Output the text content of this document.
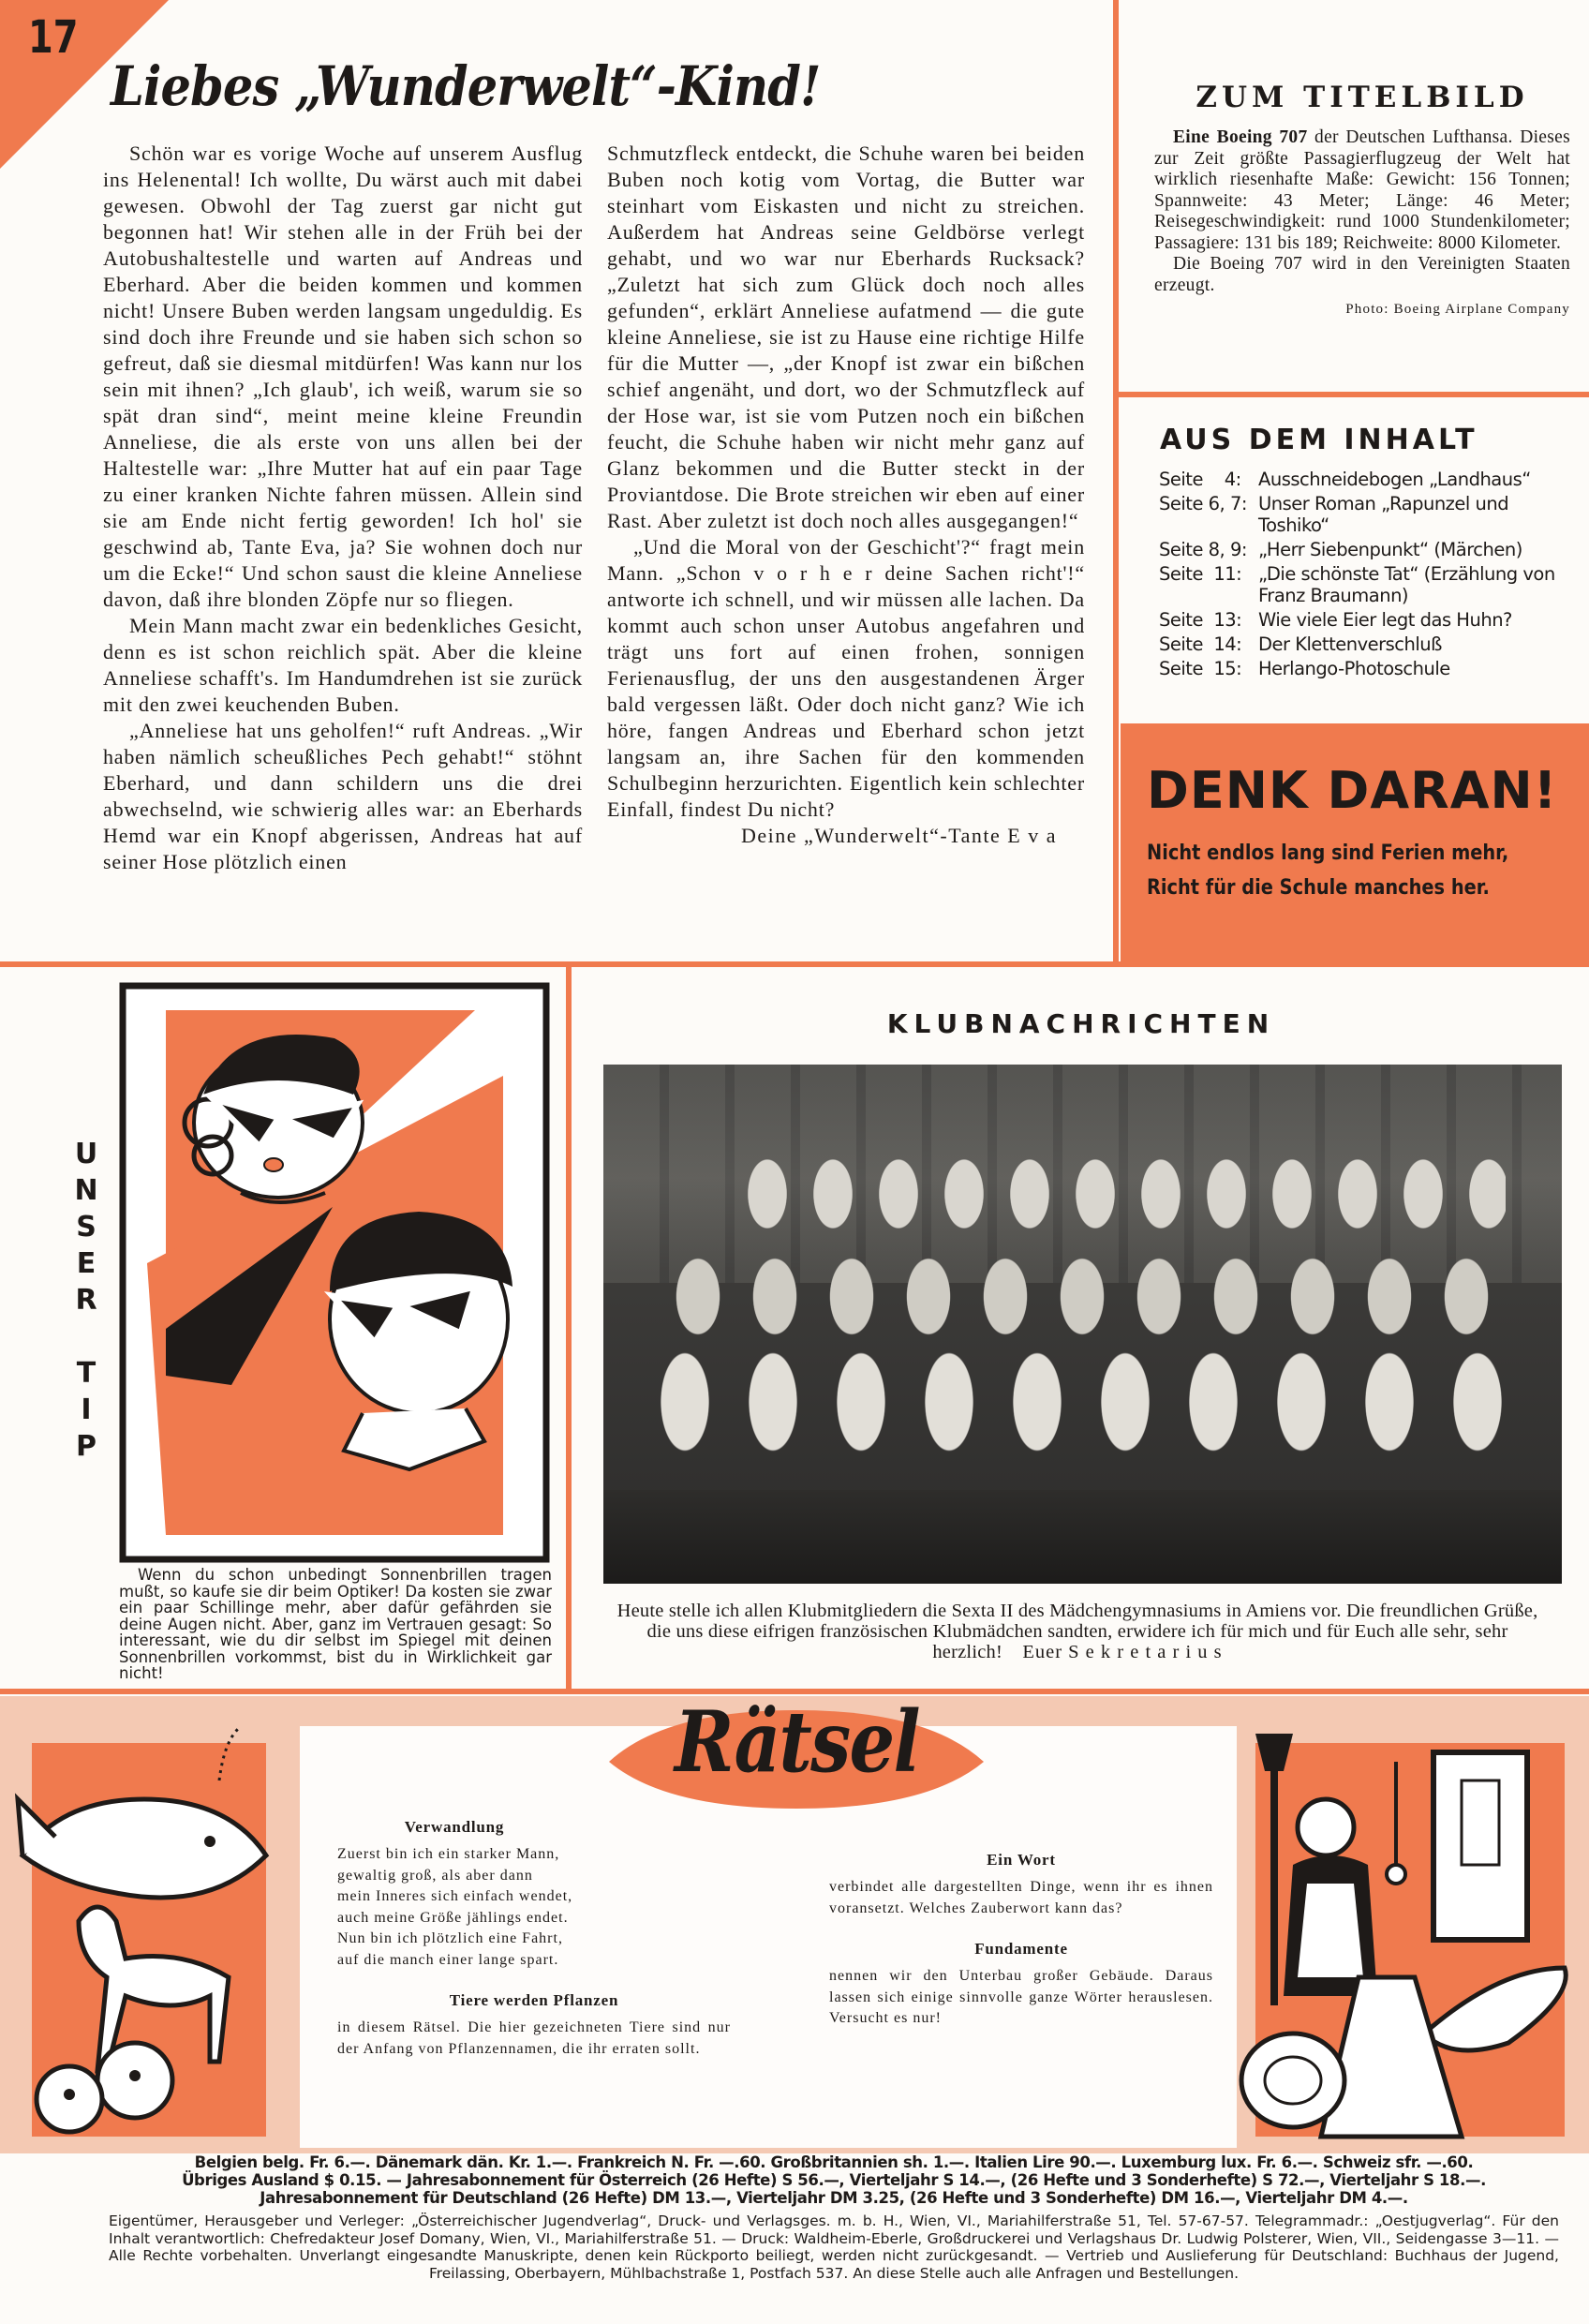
17
Liebes „Wunderwelt“-Kind!

Schön war es vorige Woche auf unserem Ausflug ins Helenental! Ich wollte, Du wärst auch mit dabei gewesen. Obwohl der Tag zuerst gar nicht gut begonnen hat! Wir stehen alle in der Früh bei der Autobushaltestelle und warten auf Andreas und Eberhard. Aber die beiden kommen und kommen nicht! Unsere Buben werden langsam ungeduldig. Es sind doch ihre Freunde und sie haben sich schon so gefreut, daß sie diesmal mitdürfen! Was kann nur los sein mit ihnen? „Ich glaub', ich weiß, warum sie so spät dran sind“, meint meine kleine Freundin Anneliese, die als erste von uns allen bei der Haltestelle war: „Ihre Mutter hat auf ein paar Tage zu einer kranken Nichte fahren müssen. Allein sind sie am Ende nicht fertig geworden! Ich hol' sie geschwind ab, Tante Eva, ja? Sie wohnen doch nur um die Ecke!“ Und schon saust die kleine Anneliese davon, daß ihre blonden Zöpfe nur so fliegen.

Mein Mann macht zwar ein bedenkliches Gesicht, denn es ist schon reichlich spät. Aber die kleine Anneliese schafft's. Im Handumdrehen ist sie zurück mit den zwei keuchenden Buben.

„Anneliese hat uns geholfen!“ ruft Andreas. „Wir haben nämlich scheußliches Pech gehabt!“ stöhnt Eberhard, und dann schildern uns die drei abwechselnd, wie schwierig alles war: an Eberhards Hemd war ein Knopf abgerissen, Andreas hat auf seiner Hose plötzlich einen

Schmutzfleck entdeckt, die Schuhe waren bei beiden Buben noch kotig vom Vortag, die Butter war steinhart vom Eiskasten und nicht zu streichen. Außerdem hat Andreas seine Geldbörse verlegt gehabt, und wo war nur Eberhards Rucksack? „Zuletzt hat sich zum Glück doch noch alles gefunden“, erklärt Anneliese aufatmend — die gute kleine Anneliese, sie ist zu Hause eine richtige Hilfe für die Mutter —, „der Knopf ist zwar ein bißchen schief angenäht, und dort, wo der Schmutzfleck auf der Hose war, ist sie vom Putzen noch ein bißchen feucht, die Schuhe haben wir nicht mehr ganz auf Glanz bekommen und die Butter steckt in der Proviantdose. Die Brote streichen wir eben auf einer Rast. Aber zuletzt ist doch noch alles ausgegangen!“

„Und die Moral von der Geschicht'?“ fragt mein Mann. „Schon v o r h e r deine Sachen richt'!“ antworte ich schnell, und wir müssen alle lachen. Da kommt auch schon unser Autobus angefahren und trägt uns fort auf einen frohen, sonnigen Ferienausflug, der uns den ausgestandenen Ärger bald vergessen läßt. Oder doch nicht ganz? Wie ich höre, fangen Andreas und Eberhard schon jetzt langsam an, ihre Sachen für den kommenden Schulbeginn herzurichten. Eigentlich kein schlechter Einfall, findest Du nicht?

Deine „Wunderwelt“-Tante E v a

ZUM TITELBILD

Eine Boeing 707 der Deutschen Lufthansa. Dieses zur Zeit größte Passagierflugzeug der Welt hat wirklich riesenhafte Maße: Gewicht: 156 Tonnen; Spannweite: 43 Meter; Länge: 46 Meter; Reisegeschwindigkeit: rund 1000 Stundenkilometer; Passagiere: 131 bis 189; Reichweite: 8000 Kilometer.

Die Boeing 707 wird in den Vereinigten Staaten erzeugt.

Photo: Boeing Airplane Company
AUS DEM INHALT
Seite    4: Ausschneidebogen „Landhaus“
Seite 6, 7: Unser Roman „Rapunzel und Toshiko“
Seite 8, 9: „Herr Siebenpunkt“ (Märchen)
Seite  11: „Die schönste Tat“ (Erzählung von Franz Braumann)
Seite  13: Wie viele Eier legt das Huhn?
Seite  14: Der Klettenverschluß
Seite  15: Herlango-Photoschule
DENK DARAN!
Nicht endlos lang sind Ferien mehr,
Richt für die Schule manches her.
U
N
S
E
R
T
I
P

Wenn du schon unbedingt Sonnenbrillen tragen mußt, so kaufe sie dir beim Optiker! Da kosten sie zwar ein paar Schillinge mehr, aber dafür gefährden sie deine Augen nicht. Aber, ganz im Vertrauen gesagt: So interessant, wie du dir selbst im Spiegel mit deinen Sonnenbrillen vorkommst, bist du in Wirklichkeit gar nicht!

KLUBNACHRICHTEN
Heute stelle ich allen Klubmitgliedern die Sexta II des Mädchengymnasiums in Amiens vor. Die freundlichen Grüße, die uns diese eifrigen französischen Klubmädchen sandten, erwidere ich für mich und für Euch alle sehr, sehr herzlich! Euer S e k r e t a r i u s
Rätsel
Verwandlung
Zuerst bin ich ein starker Mann,
gewaltig groß, als aber dann
mein Inneres sich einfach wendet,
auch meine Größe jählings endet.
Nun bin ich plötzlich eine Fahrt,
auf die manch einer lange spart.
Tiere werden Pflanzen
in diesem Rätsel. Die hier gezeichneten Tiere sind nur der Anfang von Pflanzennamen, die ihr erraten sollt.
Ein Wort
verbindet alle dargestellten Dinge, wenn ihr es ihnen voransetzt. Welches Zauberwort kann das?
Fundamente
nennen wir den Unterbau großer Gebäude. Daraus lassen sich einige sinnvolle ganze Wörter herauslesen. Versucht es nur!
Belgien belg. Fr. 6.—. Dänemark dän. Kr. 1.—. Frankreich N. Fr. —.60. Großbritannien sh. 1.—. Italien Lire 90.—. Luxemburg lux. Fr. 6.—. Schweiz sfr. —.60.
Übriges Ausland $ 0.15. — Jahresabonnement für Österreich (26 Hefte) S 56.—, Vierteljahr S 14.—, (26 Hefte und 3 Sonderhefte) S 72.—, Vierteljahr S 18.—.
Jahresabonnement für Deutschland (26 Hefte) DM 13.—, Vierteljahr DM 3.25, (26 Hefte und 3 Sonderhefte) DM 16.—, Vierteljahr DM 4.—.
Eigentümer, Herausgeber und Verleger: „Österreichischer Jugendverlag“, Druck- und Verlagsges. m. b. H., Wien, VI., Mariahilferstraße 51, Tel. 57-67-57. Telegrammadr.: „Oestjugverlag“. Für den Inhalt verantwortlich: Chefredakteur Josef Domany, Wien, VI., Mariahilferstraße 51. — Druck: Waldheim-Eberle, Großdruckerei und Verlagshaus Dr. Ludwig Polsterer, Wien, VII., Seidengasse 3—11. — Alle Rechte vorbehalten. Unverlangt eingesandte Manuskripte, denen kein Rückporto beiliegt, werden nicht zurückgesandt. — Vertrieb und Auslieferung für Deutschland: Buchhaus der Jugend, Freilassing, Oberbayern, Mühlbachstraße 1, Postfach 537. An diese Stelle auch alle Anfragen und Bestellungen.
